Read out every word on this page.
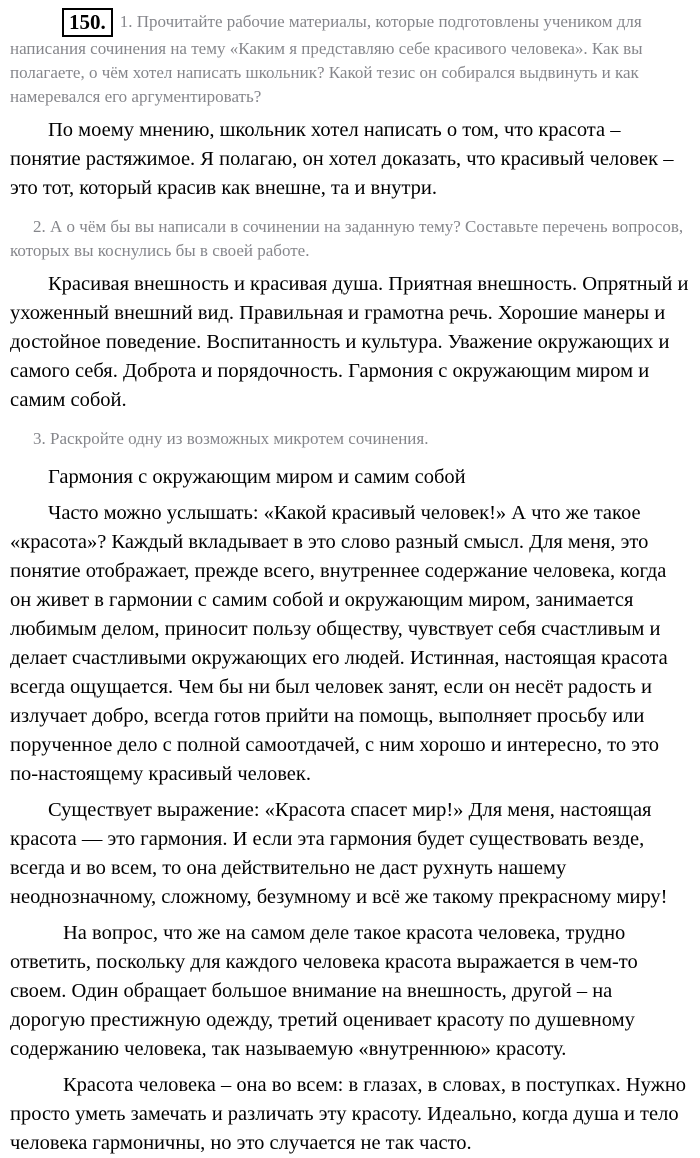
150. 1. Прочитайте рабочие материалы, которые подготовлены учеником для написания сочинения на тему «Каким я представляю себе красивого человека». Как вы полагаете, о чём хотел написать школьник? Какой тезис он собирался выдвинуть и как намеревался его аргументировать?

По моему мнению, школьник хотел написать о том, что красота – понятие растяжимое. Я полагаю, он хотел доказать, что красивый человек – это тот, который красив как внешне, та и внутри.

2. А о чём бы вы написали в сочинении на заданную тему? Составьте перечень вопросов, которых вы коснулись бы в своей работе.

Красивая внешность и красивая душа. Приятная внешность. Опрятный и ухоженный внешний вид. Правильная и грамотна речь. Хорошие манеры и достойное поведение. Воспитанность и культура. Уважение окружающих и самого себя. Доброта и порядочность. Гармония с окружающим миром и самим собой.

3. Раскройте одну из возможных микротем сочинения.

Гармония с окружающим миром и самим собой

Часто можно услышать: «Какой красивый человек!» А что же такое «красота»? Каждый вкладывает в это слово разный смысл. Для меня, это понятие отображает, прежде всего, внутреннее содержание человека, когда он живет в гармонии с самим собой и окружающим миром, занимается любимым делом, приносит пользу обществу, чувствует себя счастливым и делает счастливыми окружающих его людей. Истинная, настоящая красота всегда ощущается. Чем бы ни был человек занят, если он несёт радость и излучает добро, всегда готов прийти на помощь, выполняет просьбу или порученное дело с полной самоотдачей, с ним хорошо и интересно, то это по-настоящему красивый человек.

Существует выражение: «Красота спасет мир!» Для меня, настоящая красота — это гармония. И если эта гармония будет существовать везде, всегда и во всем, то она действительно не даст рухнуть нашему неоднозначному, сложному, безумному и всё же такому прекрасному миру!

На вопрос, что же на самом деле такое красота человека, трудно ответить, поскольку для каждого человека красота выражается в чем-то своем. Один обращает большое внимание на внешность, другой – на дорогую престижную одежду, третий оценивает красоту по душевному содержанию человека, так называемую «внутреннюю» красоту.

Красота человека – она во всем: в глазах, в словах, в поступках. Нужно просто уметь замечать и различать эту красоту. Идеально, когда душа и тело человека гармоничны, но это случается не так часто.
